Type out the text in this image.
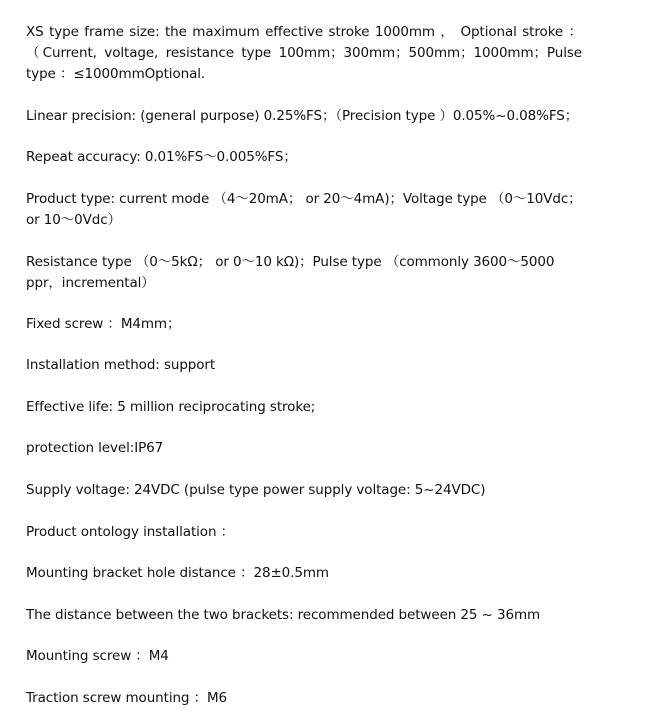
XS type frame size: the maximum effective stroke 1000mm ， Optional stroke ：（Current, voltage, resistance type 100mm；300mm；500mm；1000mm；Pulse type ：≤1000mmOptional.

Linear precision: (general purpose) 0.25%FS；（Precision type ）0.05%~0.08%FS；

Repeat accuracy: 0.01%FS～0.005%FS；

Product type: current mode （4～20mA； or 20～4mA)；Voltage type （0～10Vdc；or 10～0Vdc）

Resistance type （0～5kΩ； or 0～10 kΩ)；Pulse type （commonly 3600～5000 ppr，incremental）

Fixed screw ：M4mm；

Installation method: support

Effective life: 5 million reciprocating stroke;

protection level:IP67

Supply voltage: 24VDC (pulse type power supply voltage: 5~24VDC)

Product ontology installation ：

Mounting bracket hole distance ：28±0.5mm

The distance between the two brackets: recommended between 25 ~ 36mm

Mounting screw ：M4

Traction screw mounting ：M6
